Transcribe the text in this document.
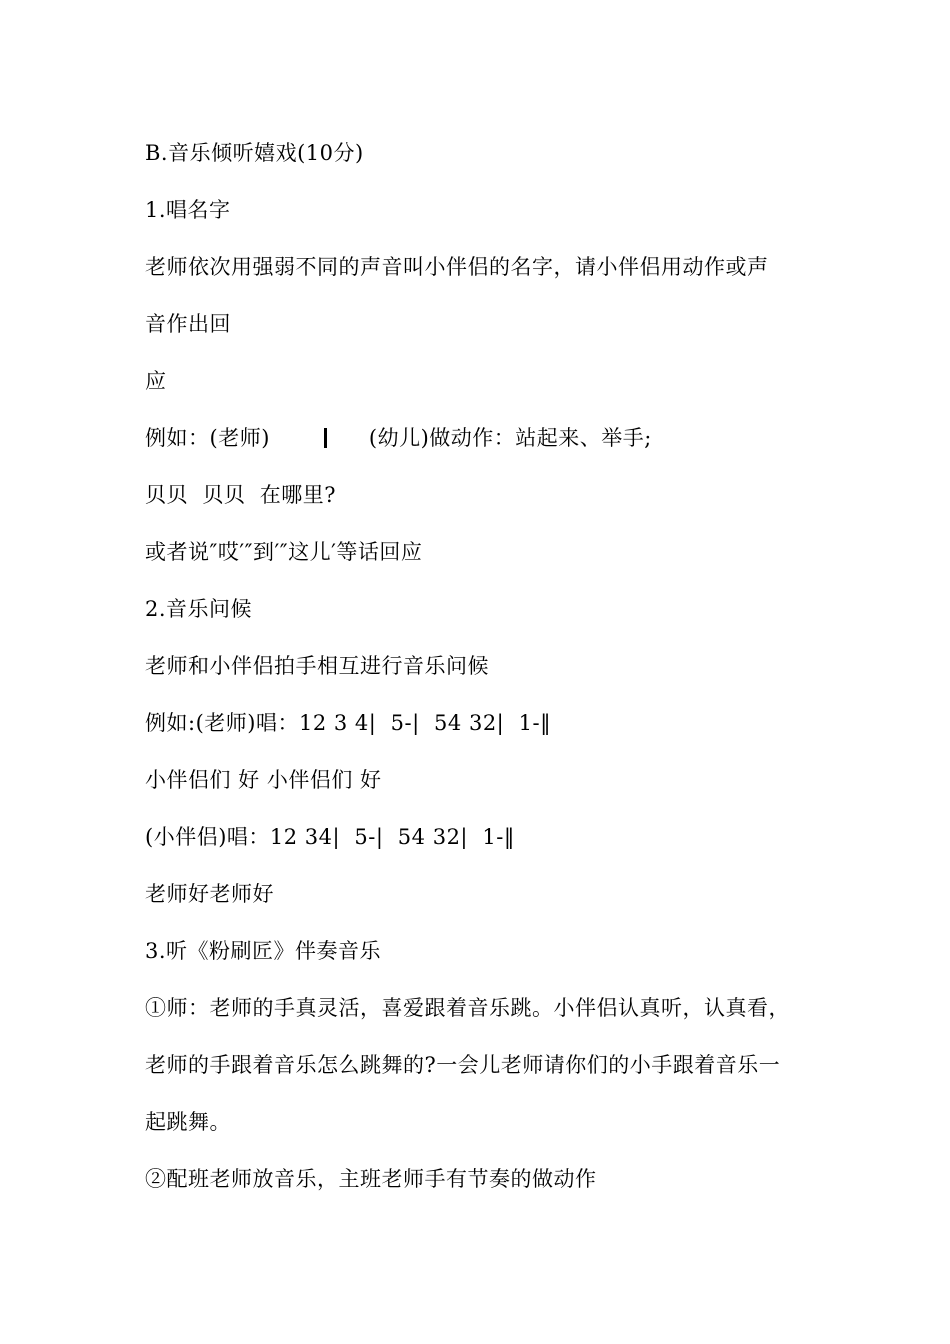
B.音乐倾听嬉戏(10分)
1.唱名字
老师依次用强弱不同的声音叫小伴侣的名字，请小伴侣用动作或声
音作出回
应
例如：(老师)	(幼儿)做动作：站起来、举手;
贝贝  贝贝  在哪里?
或者说″哎′″到′″这儿′等话回应
2.音乐问候
老师和小伴侣拍手相互进行音乐问候
例如:(老师)唱：12 3 4|  5-|  54 32|  1-‖
小伴侣们 好 小伴侣们 好
(小伴侣)唱：12 34|  5-|  54 32|  1-‖
老师好老师好
3.听《粉刷匠》伴奏音乐
①师：老师的手真灵活，喜爱跟着音乐跳。小伴侣认真听，认真看，
老师的手跟着音乐怎么跳舞的?一会儿老师请你们的小手跟着音乐一
起跳舞。
②配班老师放音乐，主班老师手有节奏的做动作
